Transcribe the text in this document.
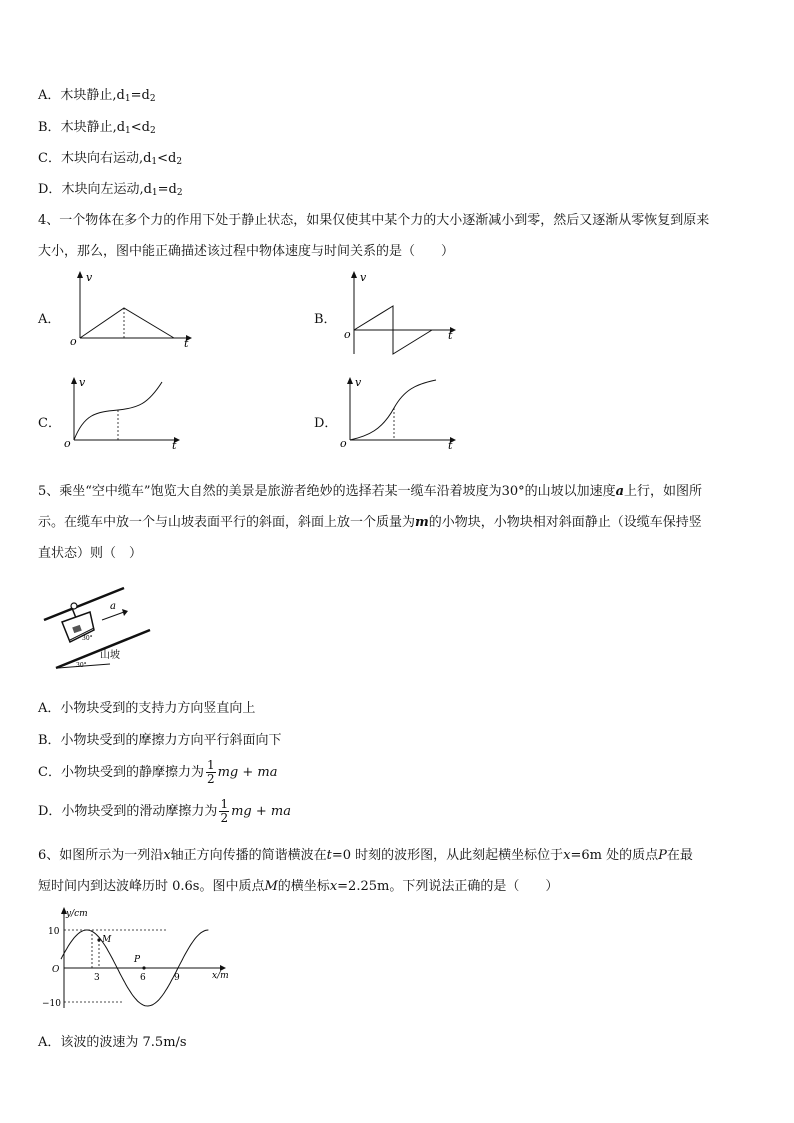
A．木块静止$,d_1=d_2$
B．木块静止$,d_1<d_2$
C．木块向右运动$,d_1<d_2$
D．木块向左运动$,d_1=d_2$
4、一个物体在多个力的作用下处于静止状态，如果仅使其中某个力的大小逐渐减小到零，然后又逐渐从零恢复到原来
大小，那么，图中能正确描述该过程中物体速度与时间关系的是（　　）
A．	B．
C．	D．
v
t
o
v
t
o
v
t
o
v
t
o
5、乘坐“空中缆车”饱览大自然的美景是旅游者绝妙的选择若某一缆车沿着坡度为30°的山坡以加速度a上行，如图所
示。在缆车中放一个与山坡表面平行的斜面，斜面上放一个质量为m的小物块，小物块相对斜面静止（设缆车保持竖
直状态）则（　）
a
山坡
30°
30°
A．小物块受到的支持力方向竖直向上
B．小物块受到的摩擦力方向平行斜面向下
C．小物块受到的静摩擦力为 $\frac{1}{2}$ mg + ma
D．小物块受到的滑动摩擦力为 $\frac{1}{2}$ mg + ma
6、如图所示为一列沿x轴正方向传播的简谐横波在t=0 时刻的波形图，从此刻起横坐标位于x=6m 处的质点P在最
短时间内到达波峰历时 0.6s。图中质点M的横坐标x=2.25m。下列说法正确的是（　　）
y/cm
x/m
10
−10
O
M
P
3	6	9
A．该波的波速为 7.5m/s
